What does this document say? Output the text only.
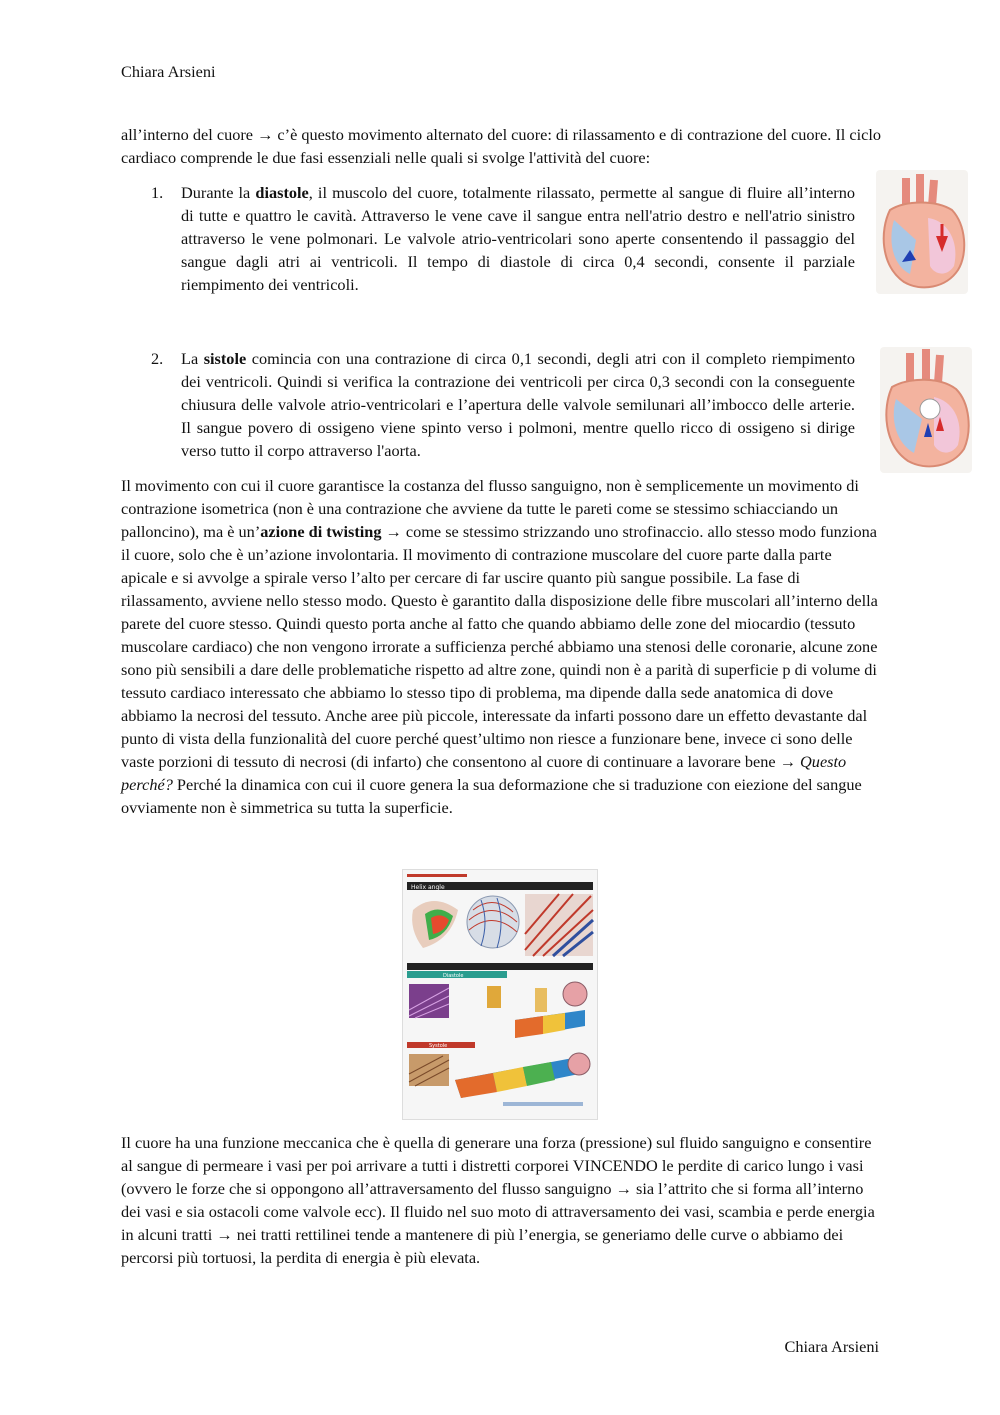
Chiara Arsieni
all’interno del cuore → c’è questo movimento alternato del cuore: di rilassamento e di contrazione del cuore. Il ciclo cardiaco comprende le due fasi essenziali nelle quali si svolge l'attività del cuore:
1. Durante la diastole, il muscolo del cuore, totalmente rilassato, permette al sangue di fluire all’interno di tutte e quattro le cavità. Attraverso le vene cave il sangue entra nell'atrio destro e nell'atrio sinistro attraverso le vene polmonari. Le valvole atrio-ventricolari sono aperte consentendo il passaggio del sangue dagli atri ai ventricoli. Il tempo di diastole di circa 0,4 secondi, consente il parziale riempimento dei ventricoli.
2. La sistole comincia con una contrazione di circa 0,1 secondi, degli atri con il completo riempimento dei ventricoli. Quindi si verifica la contrazione dei ventricoli per circa 0,3 secondi con la conseguente chiusura delle valvole atrio-ventricolari e l’apertura delle valvole semilunari all’imbocco delle arterie. Il sangue povero di ossigeno viene spinto verso i polmoni, mentre quello ricco di ossigeno si dirige verso tutto il corpo attraverso l'aorta.
Il movimento con cui il cuore garantisce la costanza del flusso sanguigno, non è semplicemente un movimento di contrazione isometrica (non è una contrazione che avviene da tutte le pareti come se stessimo schiacciando un palloncino), ma è un’azione di twisting → come se stessimo strizzando uno strofinaccio. allo stesso modo funziona il cuore, solo che è un’azione involontaria. Il movimento di contrazione muscolare del cuore parte dalla parte apicale e si avvolge a spirale verso l’alto per cercare di far uscire quanto più sangue possibile. La fase di rilassamento, avviene nello stesso modo. Questo è garantito dalla disposizione delle fibre muscolari all’interno della parete del cuore stesso. Quindi questo porta anche al fatto che quando abbiamo delle zone del miocardio (tessuto muscolare cardiaco) che non vengono irrorate a sufficienza perché abbiamo una stenosi delle coronarie, alcune zone sono più sensibili a dare delle problematiche rispetto ad altre zone, quindi non è a parità di superficie p di volume di tessuto cardiaco interessato che abbiamo lo stesso tipo di problema, ma dipende dalla sede anatomica di dove abbiamo la necrosi del tessuto. Anche aree più piccole, interessate da infarti possono dare un effetto devastante dal punto di vista della funzionalità del cuore perché quest’ultimo non riesce a funzionare bene, invece ci sono delle vaste porzioni di tessuto di necrosi (di infarto) che consentono al cuore di continuare a lavorare bene → Questo perché? Perché la dinamica con cui il cuore genera la sua deformazione che si traduzione con eiezione del sangue ovviamente non è simmetrica su tutta la superficie.
Helix angle
Diastole
Systole
Il cuore ha una funzione meccanica che è quella di generare una forza (pressione) sul fluido sanguigno e consentire al sangue di permeare i vasi per poi arrivare a tutti i distretti corporei VINCENDO le perdite di carico lungo i vasi (ovvero le forze che si oppongono all’attraversamento del flusso sanguigno → sia l’attrito che si forma all’interno dei vasi e sia ostacoli come valvole ecc). Il fluido nel suo moto di attraversamento dei vasi, scambia e perde energia in alcuni tratti → nei tratti rettilinei tende a mantenere di più l’energia, se generiamo delle curve o abbiamo dei percorsi più tortuosi, la perdita di energia è più elevata.
Chiara Arsieni
